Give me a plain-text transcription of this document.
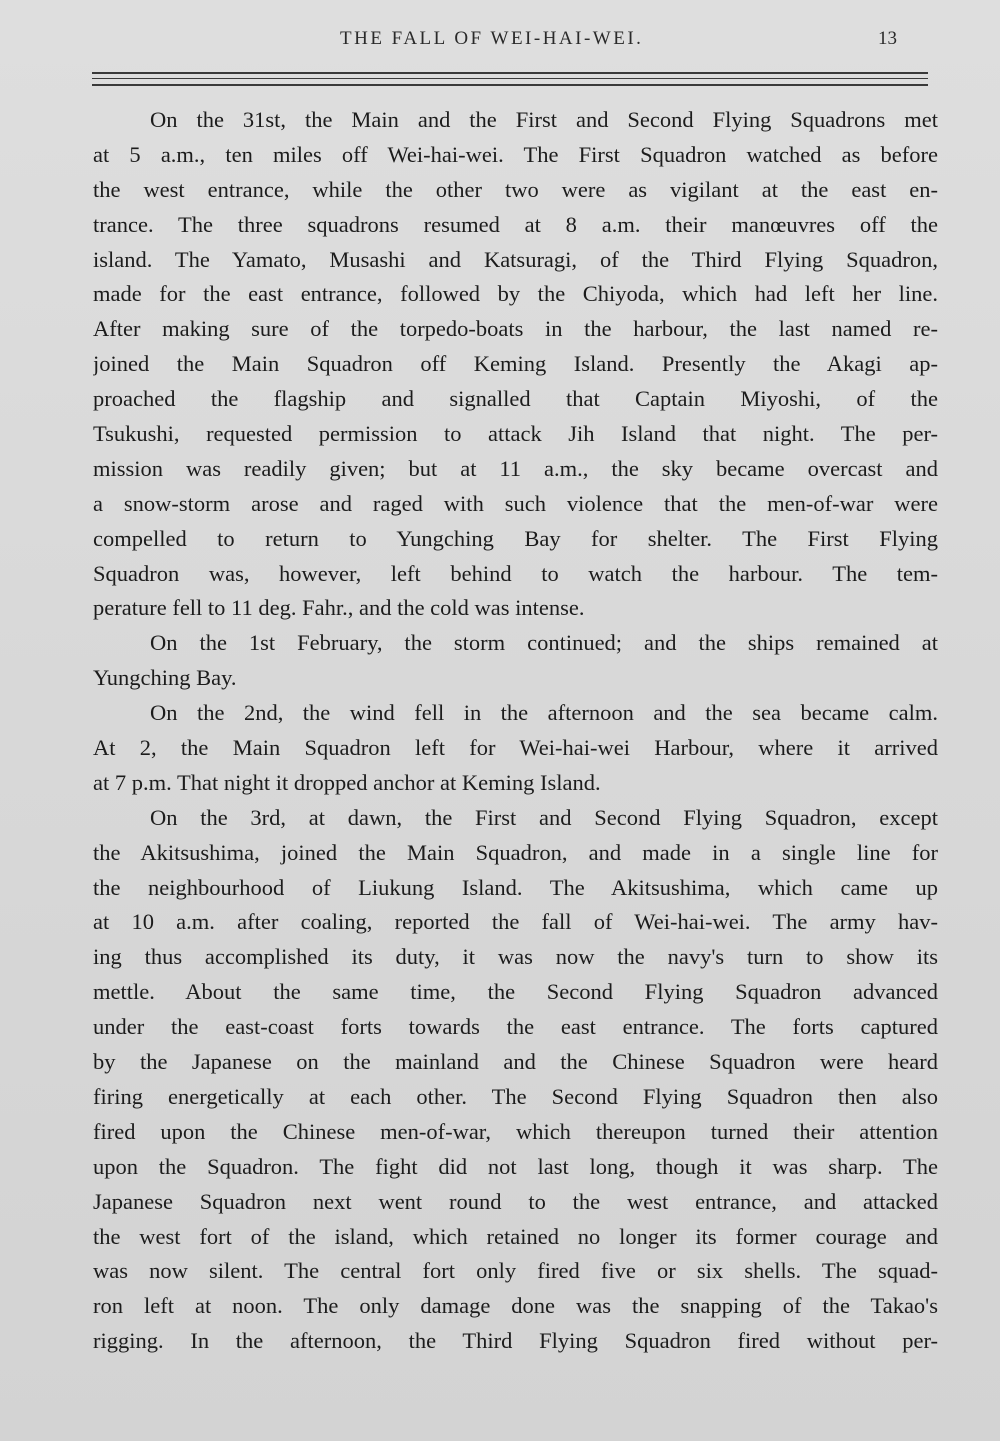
THE FALL OF WEI-HAI-WEI.	13
On the 31st, the Main and the First and Second Flying Squadrons met
at 5 a.m., ten miles off Wei-hai-wei. The First Squadron watched as before
the west entrance, while the other two were as vigilant at the east en-
trance. The three squadrons resumed at 8 a.m. their manœuvres off the
island. The Yamato, Musashi and Katsuragi, of the Third Flying Squadron,
made for the east entrance, followed by the Chiyoda, which had left her line.
After making sure of the torpedo-boats in the harbour, the last named re-
joined the Main Squadron off Keming Island. Presently the Akagi ap-
proached the flagship and signalled that Captain Miyoshi, of the
Tsukushi, requested permission to attack Jih Island that night. The per-
mission was readily given; but at 11 a.m., the sky became overcast and
a snow-storm arose and raged with such violence that the men-of-war were
compelled to return to Yungching Bay for shelter. The First Flying
Squadron was, however, left behind to watch the harbour. The tem-
perature fell to 11 deg. Fahr., and the cold was intense.
On the 1st February, the storm continued; and the ships remained at
Yungching Bay.
On the 2nd, the wind fell in the afternoon and the sea became calm.
At 2, the Main Squadron left for Wei-hai-wei Harbour, where it arrived
at 7 p.m. That night it dropped anchor at Keming Island.
On the 3rd, at dawn, the First and Second Flying Squadron, except
the Akitsushima, joined the Main Squadron, and made in a single line for
the neighbourhood of Liukung Island. The Akitsushima, which came up
at 10 a.m. after coaling, reported the fall of Wei-hai-wei. The army hav-
ing thus accomplished its duty, it was now the navy's turn to show its
mettle. About the same time, the Second Flying Squadron advanced
under the east-coast forts towards the east entrance. The forts captured
by the Japanese on the mainland and the Chinese Squadron were heard
firing energetically at each other. The Second Flying Squadron then also
fired upon the Chinese men-of-war, which thereupon turned their attention
upon the Squadron. The fight did not last long, though it was sharp. The
Japanese Squadron next went round to the west entrance, and attacked
the west fort of the island, which retained no longer its former courage and
was now silent. The central fort only fired five or six shells. The squad-
ron left at noon. The only damage done was the snapping of the Takao's
rigging. In the afternoon, the Third Flying Squadron fired without per-
